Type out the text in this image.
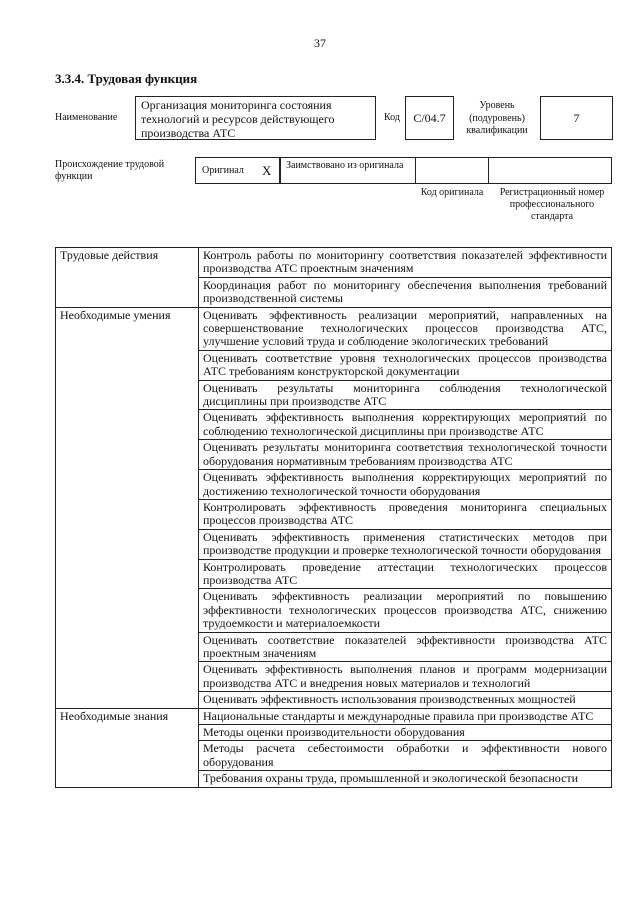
37
3.3.4. Трудовая функция
Наименование
Организация мониторинга состояния технологий и ресурсов действующего производства АТС
Код	С/04.7
Уровень
(подуровень)
квалификации
7
Происхождение трудовой функции
Оригинал X Заимствовано из оригинала
Код оригинала	Регистрационный номер профессионального стандарта
Трудовые действия	Контроль работы по мониторингу соответствия показателей эффективности производства АТС проектным значениям
	Координация работ по мониторингу обеспечения выполнения требований производственной системы
Необходимые умения	Оценивать эффективность реализации мероприятий, направленных на совершенствование технологических процессов производства АТС, улучшение условий труда и соблюдение экологических требований
	Оценивать соответствие уровня технологических процессов производства АТС требованиям конструкторской документации
	Оценивать результаты мониторинга соблюдения технологической дисциплины при производстве АТС
	Оценивать эффективность выполнения корректирующих мероприятий по соблюдению технологической дисциплины при производстве АТС
	Оценивать результаты мониторинга соответствия технологической точности оборудования нормативным требованиям производства АТС
	Оценивать эффективность выполнения корректирующих мероприятий по достижению технологической точности оборудования
	Контролировать эффективность проведения мониторинга специальных процессов производства АТС
	Оценивать эффективность применения статистических методов при производстве продукции и проверке технологической точности оборудования
	Контролировать проведение аттестации технологических процессов производства АТС
	Оценивать эффективность реализации мероприятий по повышению эффективности технологических процессов производства АТС, снижению трудоемкости и материалоемкости
	Оценивать соответствие показателей эффективности производства АТС проектным значениям
	Оценивать эффективность выполнения планов и программ модернизации производства АТС и внедрения новых материалов и технологий
	Оценивать эффективность использования производственных мощностей
Необходимые знания	Национальные стандарты и международные правила при производстве АТС
	Методы оценки производительности оборудования
	Методы расчета себестоимости обработки и эффективности нового оборудования
	Требования охраны труда, промышленной и экологической безопасности
